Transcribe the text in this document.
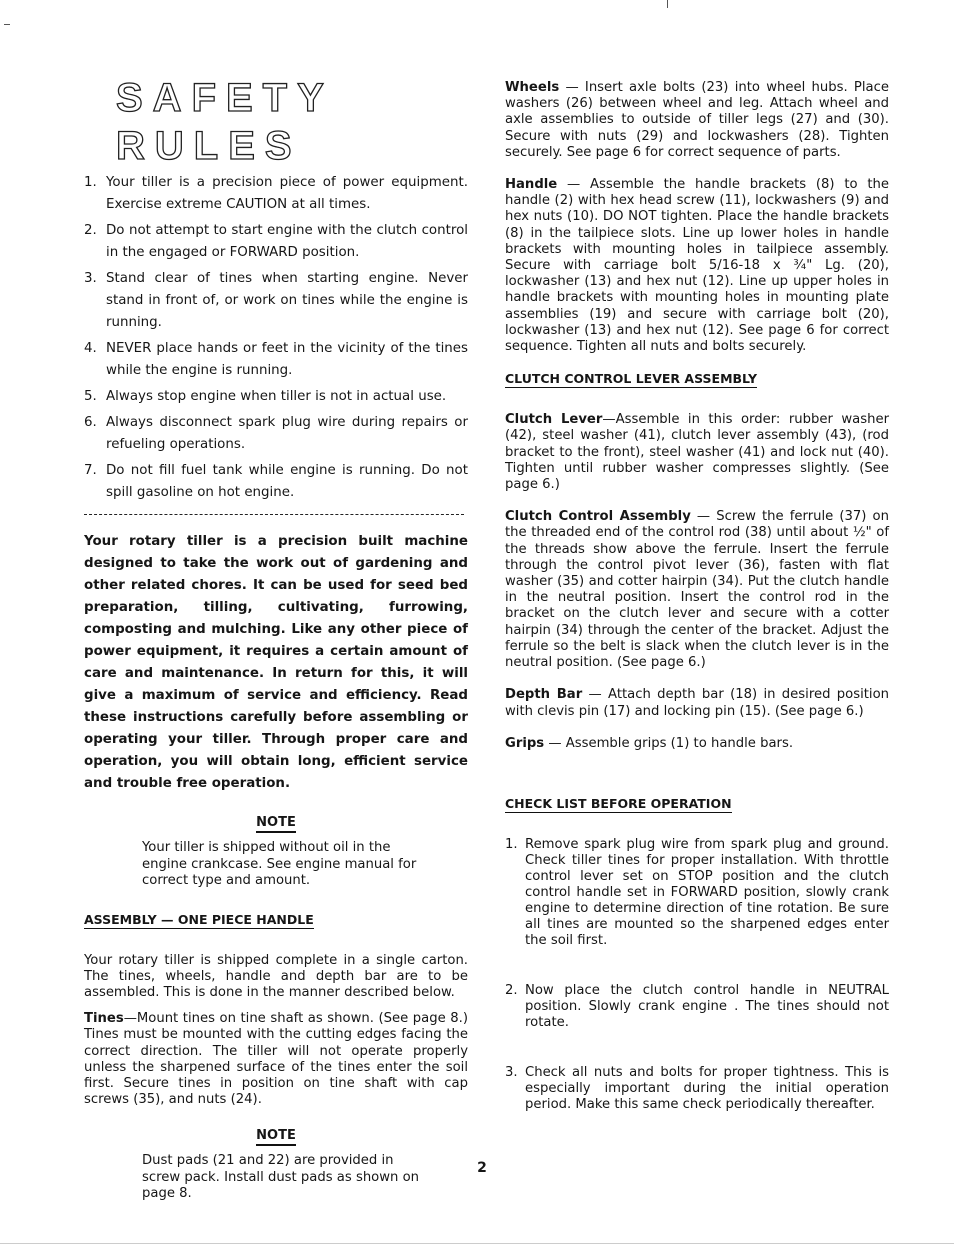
SAFETY RULES
1. Your tiller is a precision piece of power equipment. Exercise extreme CAUTION at all times.
2. Do not attempt to start engine with the clutch control in the engaged or FORWARD position.
3. Stand clear of tines when starting engine. Never stand in front of, or work on tines while the engine is running.
4. NEVER place hands or feet in the vicinity of the tines while the engine is running.
5. Always stop engine when tiller is not in actual use.
6. Always disconnect spark plug wire during repairs or refueling operations.
7. Do not fill fuel tank while engine is running. Do not spill gasoline on hot engine.

Your rotary tiller is a precision built machine designed to take the work out of gardening and other related chores. It can be used for seed bed preparation, tilling, cultivating, furrowing, composting and mulching. Like any other piece of power equipment, it requires a certain amount of care and maintenance. In return for this, it will give a maximum of service and efficiency. Read these instructions carefully before assembling or operating your tiller. Through proper care and operation, you will obtain long, efficient service and trouble free operation.

NOTE

Your tiller is shipped without oil in the engine crankcase. See engine manual for correct type and amount.

ASSEMBLY — ONE PIECE HANDLE

Your rotary tiller is shipped complete in a single carton. The tines, wheels, handle and depth bar are to be assembled. This is done in the manner described below.

Tines—Mount tines on tine shaft as shown. (See page 8.) Tines must be mounted with the cutting edges facing the correct direction. The tiller will not operate properly unless the sharpened surface of the tines enter the soil first. Secure tines in position on tine shaft with cap screws (35), and nuts (24).

NOTE

Dust pads (21 and 22) are provided in screw pack. Install dust pads as shown on page 8.

Wheels — Insert axle bolts (23) into wheel hubs. Place washers (26) between wheel and leg. Attach wheel and axle assemblies to outside of tiller legs (27) and (30). Secure with nuts (29) and lockwashers (28). Tighten securely. See page 6 for correct sequence of parts.

Handle — Assemble the handle brackets (8) to the handle (2) with hex head screw (11), lockwashers (9) and hex nuts (10). DO NOT tighten. Place the handle brackets (8) in the tailpiece slots. Line up lower holes in handle brackets with mounting holes in tailpiece assembly. Secure with carriage bolt 5/16-18 x ¾" Lg. (20), lockwasher (13) and hex nut (12). Line up upper holes in handle brackets with mounting holes in mounting plate assemblies (19) and secure with carriage bolt (20), lockwasher (13) and hex nut (12). See page 6 for correct sequence. Tighten all nuts and bolts securely.

CLUTCH CONTROL LEVER ASSEMBLY

Clutch Lever—Assemble in this order: rubber washer (42), steel washer (41), clutch lever assembly (43), (rod bracket to the front), steel washer (41) and lock nut (40). Tighten until rubber washer compresses slightly. (See page 6.)

Clutch Control Assembly — Screw the ferrule (37) on the threaded end of the control rod (38) until about ½" of the threads show above the ferrule. Insert the ferrule through the control pivot lever (36), fasten with flat washer (35) and cotter hairpin (34). Put the clutch handle in the neutral position. Insert the control rod in the bracket on the clutch lever and secure with a cotter hairpin (34) through the center of the bracket. Adjust the ferrule so the belt is slack when the clutch lever is in the neutral position. (See page 6.)

Depth Bar — Attach depth bar (18) in desired position with clevis pin (17) and locking pin (15). (See page 6.)

Grips — Assemble grips (1) to handle bars.

CHECK LIST BEFORE OPERATION
1. Remove spark plug wire from spark plug and ground. Check tiller tines for proper installation. With throttle control lever set on STOP position and the clutch control handle set in FORWARD position, slowly crank engine to determine direction of tine rotation. Be sure all tines are mounted so the sharpened edges enter the soil first.
2. Now place the clutch control handle in NEUTRAL position. Slowly crank engine . The tines should not rotate.
3. Check all nuts and bolts for proper tightness. This is especially important during the initial operation period. Make this same check periodically thereafter.
2
